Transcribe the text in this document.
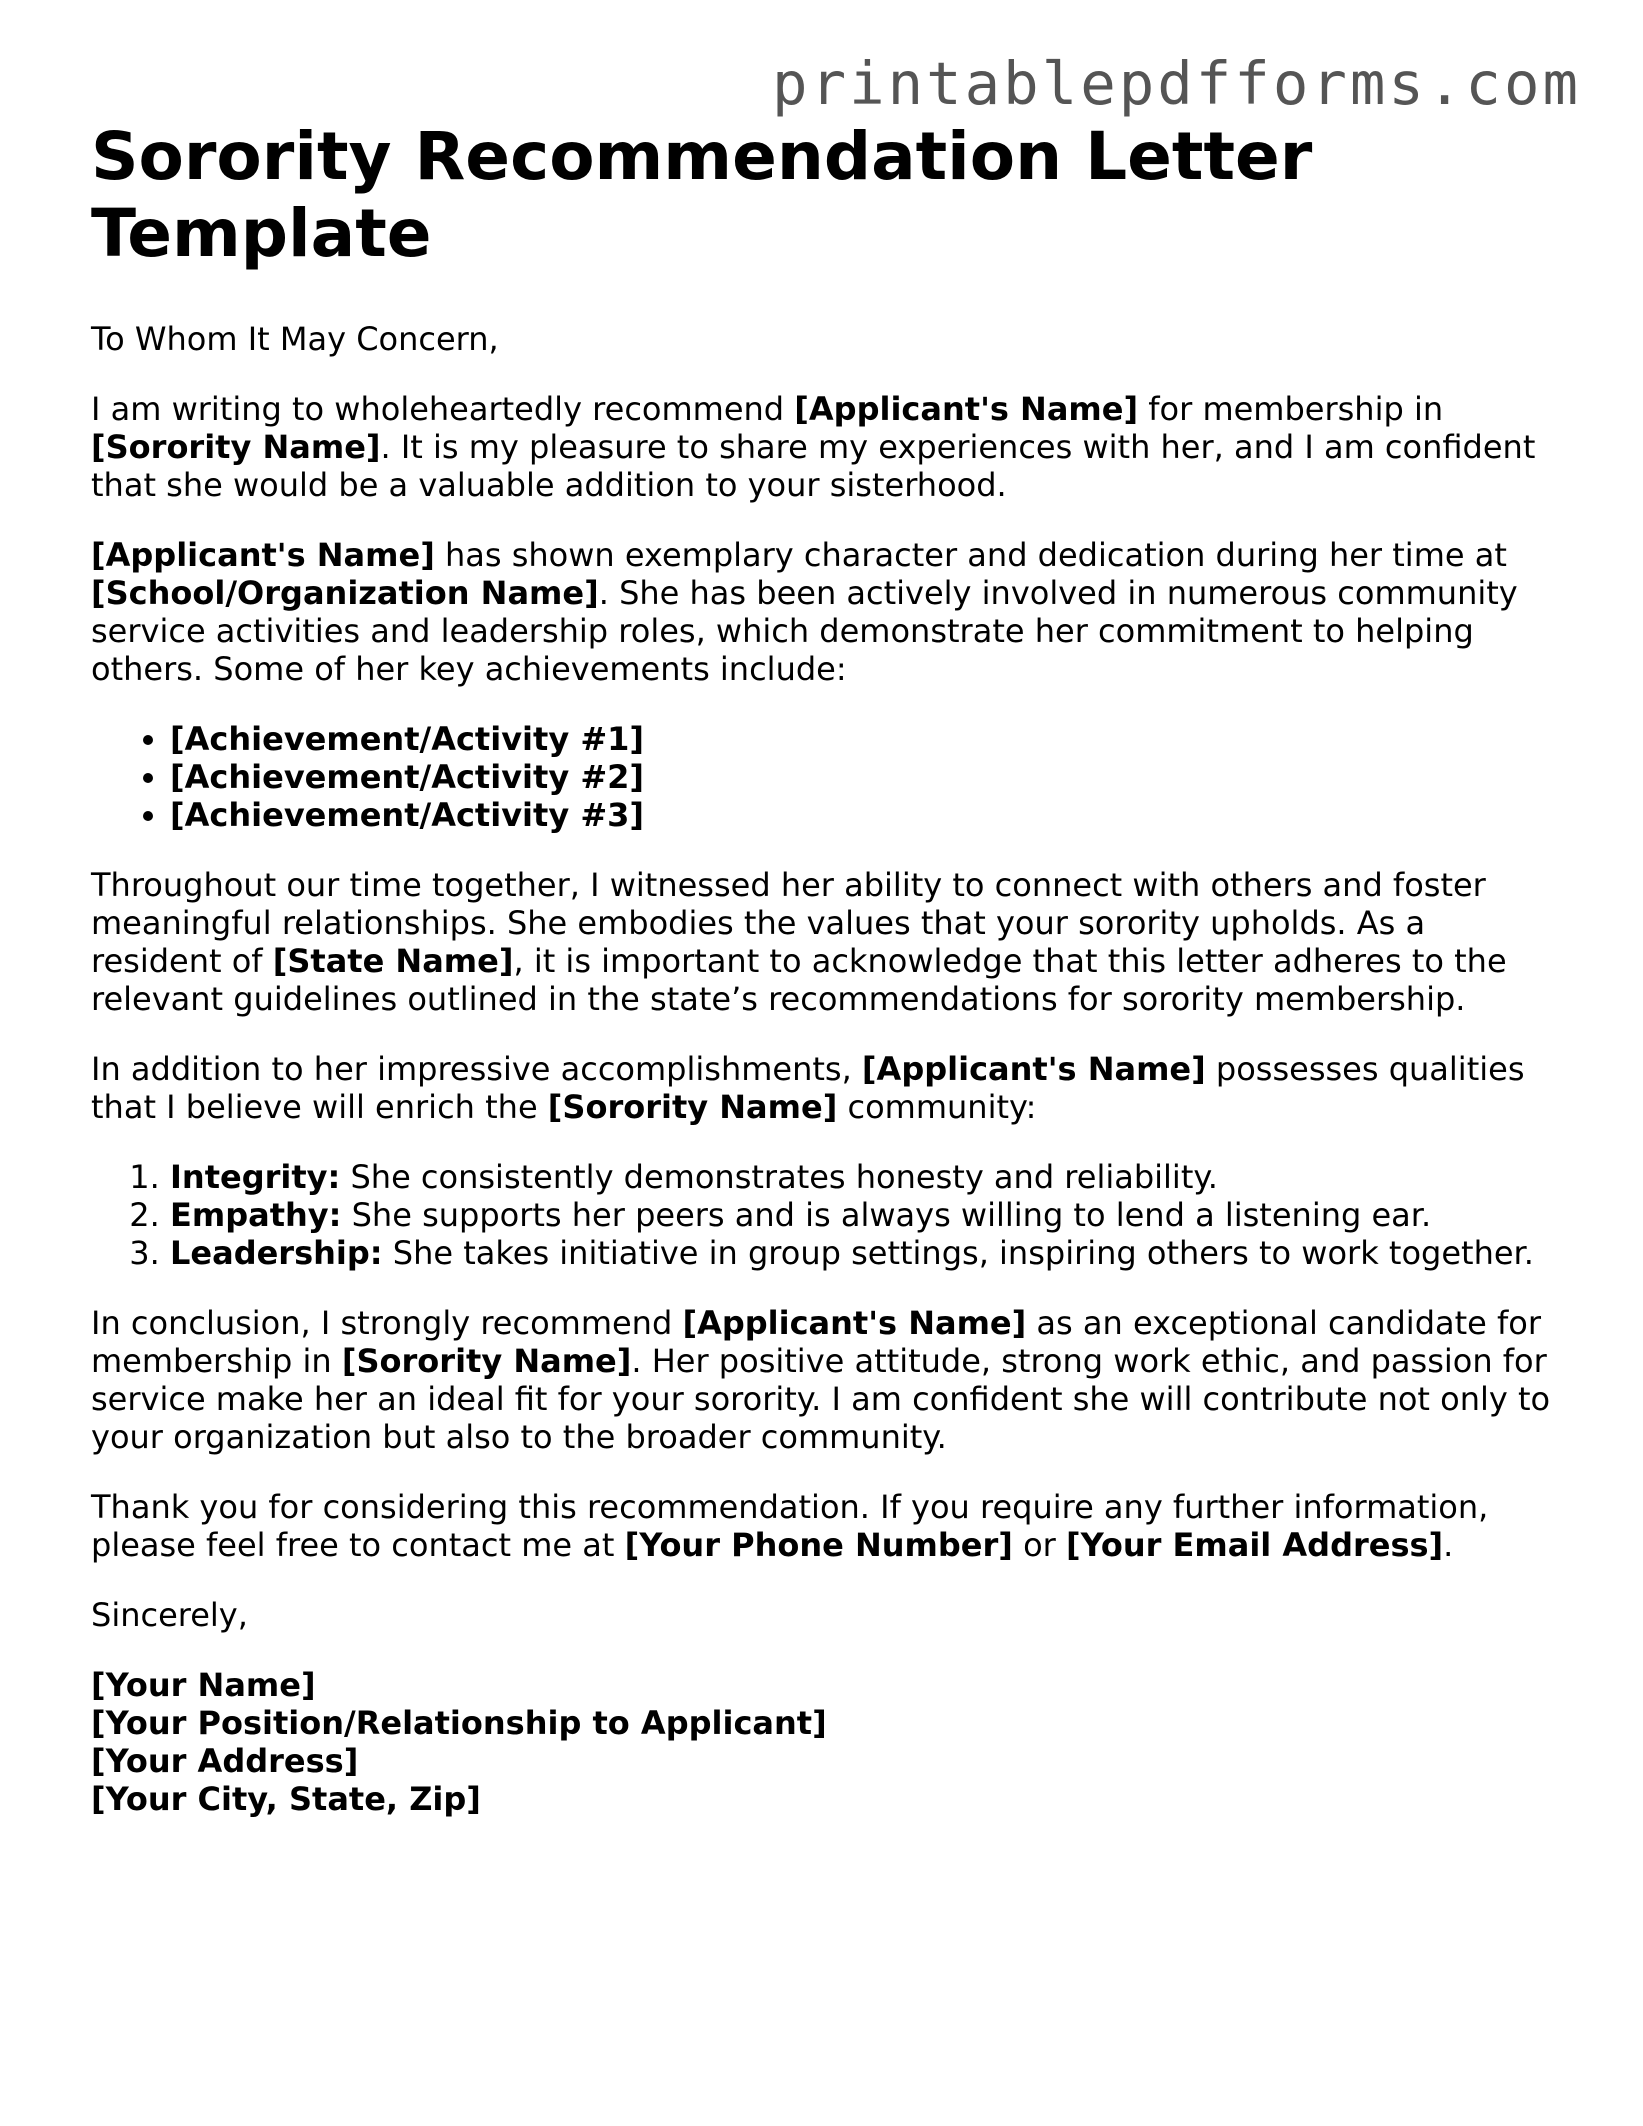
printablepdfforms.com
Sorority Recommendation Letter Template

To Whom It May Concern,

I am writing to wholeheartedly recommend [Applicant's Name] for membership in [Sorority Name]. It is my pleasure to share my experiences with her, and I am confident that she would be a valuable addition to your sisterhood.

[Applicant's Name] has shown exemplary character and dedication during her time at [School/Organization Name]. She has been actively involved in numerous community service activities and leadership roles, which demonstrate her commitment to helping others. Some of her key achievements include:

• [Achievement/Activity #1]
• [Achievement/Activity #2]
• [Achievement/Activity #3]

Throughout our time together, I witnessed her ability to connect with others and foster meaningful relationships. She embodies the values that your sorority upholds. As a resident of [State Name], it is important to acknowledge that this letter adheres to the relevant guidelines outlined in the state’s recommendations for sorority membership.

In addition to her impressive accomplishments, [Applicant's Name] possesses qualities that I believe will enrich the [Sorority Name] community:

1. Integrity: She consistently demonstrates honesty and reliability.
2. Empathy: She supports her peers and is always willing to lend a listening ear.
3. Leadership: She takes initiative in group settings, inspiring others to work together.

In conclusion, I strongly recommend [Applicant's Name] as an exceptional candidate for membership in [Sorority Name]. Her positive attitude, strong work ethic, and passion for service make her an ideal fit for your sorority. I am confident she will contribute not only to your organization but also to the broader community.

Thank you for considering this recommendation. If you require any further information, please feel free to contact me at [Your Phone Number] or [Your Email Address].

Sincerely,

[Your Name]
[Your Position/Relationship to Applicant]
[Your Address]
[Your City, State, Zip]
